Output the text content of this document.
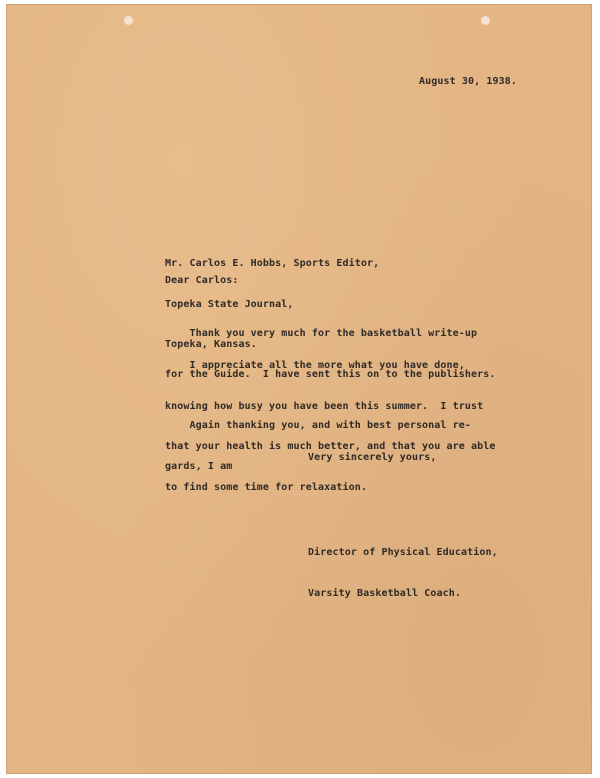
August 30, 1938.

Mr. Carlos E. Hobbs, Sports Editor,

Topeka State Journal,

Topeka, Kansas.

Dear Carlos:

Thank you very much for the basketball write-up

for the Guide.  I have sent this on to the publishers.

I appreciate all the more what you have done,

knowing how busy you have been this summer.  I trust

that your health is much better, and that you are able

to find some time for relaxation.

Again thanking you, and with best personal re-

gards, I am

Very sincerely yours,

Director of Physical Education,

Varsity Basketball Coach.
